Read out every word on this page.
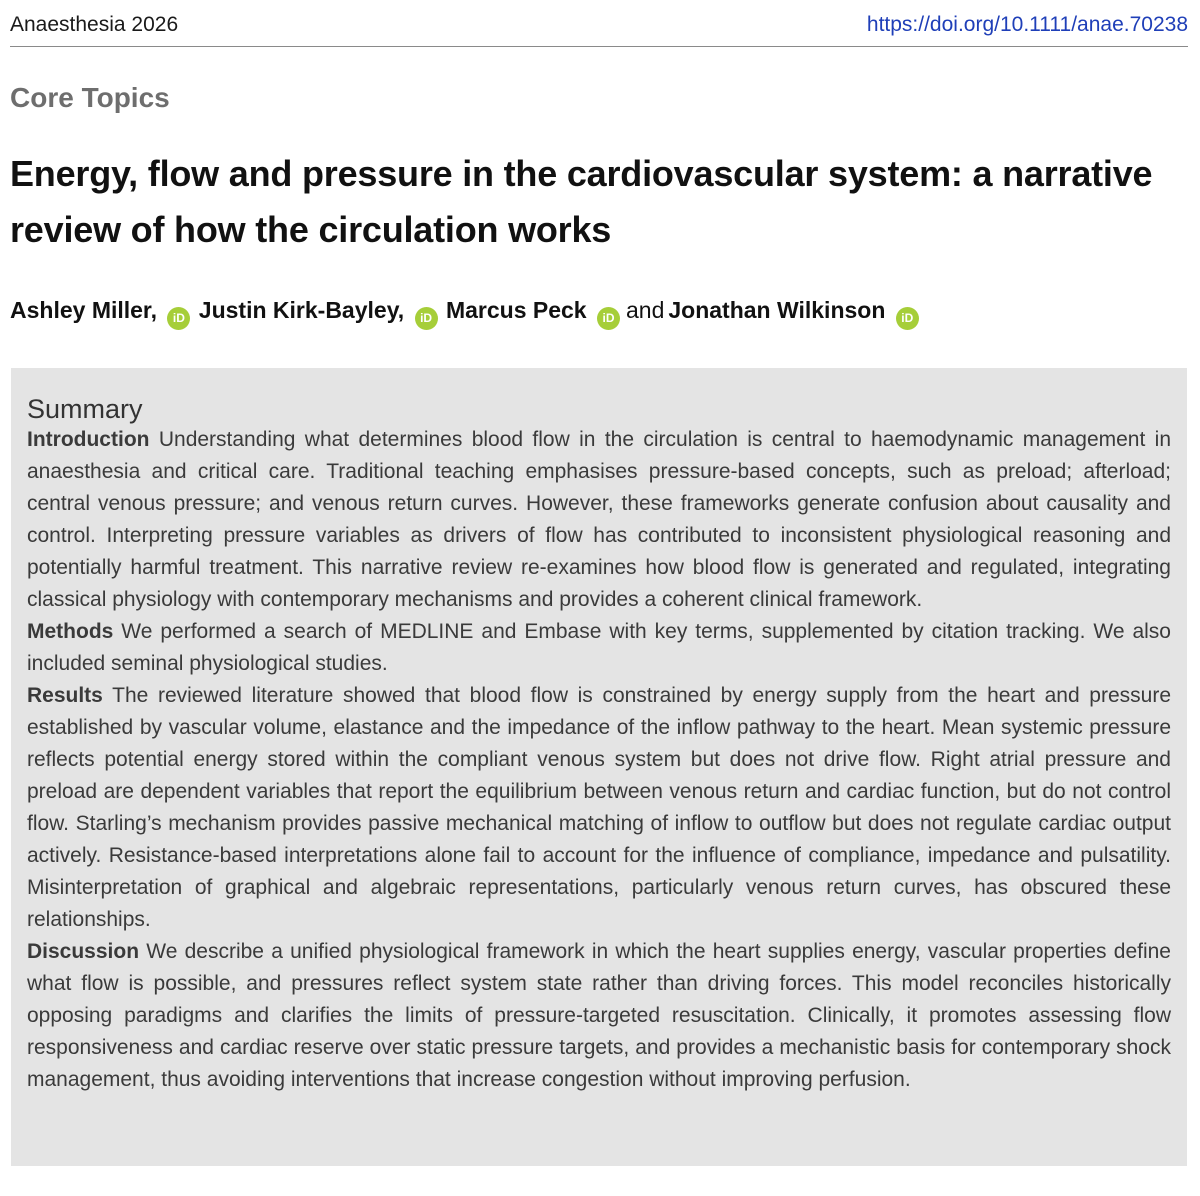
Anaesthesia 2026	https://doi.org/10.1111/anae.70238
Core Topics
Energy, flow and pressure in the cardiovascular system: a narrative review of how the circulation works
Ashley Miller, iD Justin Kirk-Bayley, iD Marcus Peck iD and Jonathan Wilkinson iD
Summary

Introduction Understanding what determines blood flow in the circulation is central to haemodynamic management in anaesthesia and critical care. Traditional teaching emphasises pressure-based concepts, such as preload; afterload; central venous pressure; and venous return curves. However, these frameworks generate confusion about causality and control. Interpreting pressure variables as drivers of flow has contributed to inconsistent physiological reasoning and potentially harmful treatment. This narrative review re-examines how blood flow is generated and regulated, integrating classical physiology with contemporary mechanisms and provides a coherent clinical framework.

Methods We performed a search of MEDLINE and Embase with key terms, supplemented by citation tracking. We also included seminal physiological studies.

Results The reviewed literature showed that blood flow is constrained by energy supply from the heart and pressure established by vascular volume, elastance and the impedance of the inflow pathway to the heart. Mean systemic pressure reflects potential energy stored within the compliant venous system but does not drive flow. Right atrial pressure and preload are dependent variables that report the equilibrium between venous return and cardiac function, but do not control flow. Starling’s mechanism provides passive mechanical matching of inflow to outflow but does not regulate cardiac output actively. Resistance-based interpretations alone fail to account for the influence of compliance, impedance and pulsatility. Misinterpretation of graphical and algebraic representations, particularly venous return curves, has obscured these relationships.

Discussion We describe a unified physiological framework in which the heart supplies energy, vascular properties define what flow is possible, and pressures reflect system state rather than driving forces. This model reconciles historically opposing paradigms and clarifies the limits of pressure-targeted resuscitation. Clinically, it promotes assessing flow responsiveness and cardiac reserve over static pressure targets, and provides a mechanistic basis for contemporary shock management, thus avoiding interventions that increase congestion without improving perfusion.
